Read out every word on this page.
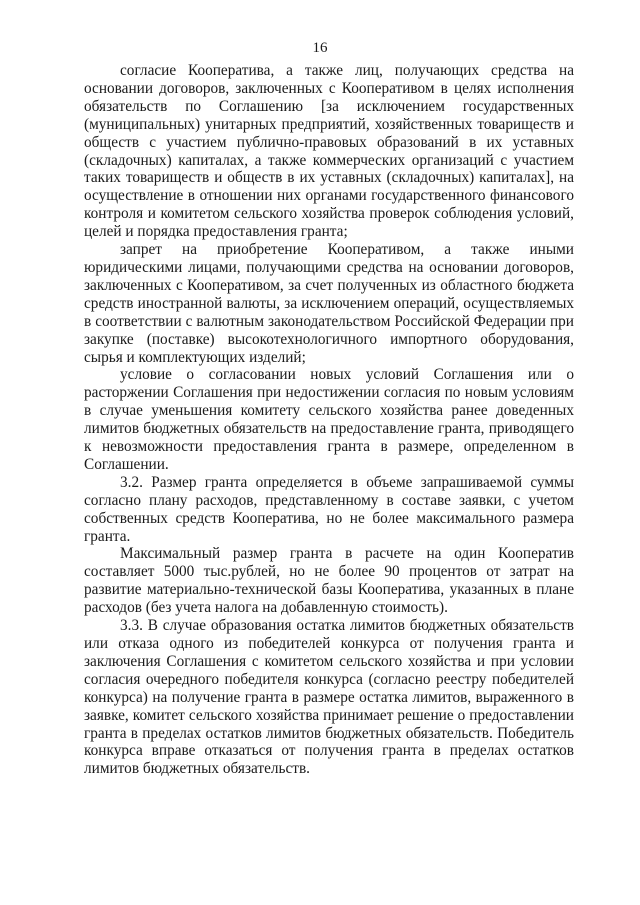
16

согласие Кооператива, а также лиц, получающих средства на основании договоров, заключенных с Кооперативом в целях исполнения обязательств по Соглашению [за исключением государственных (муниципальных) унитарных предприятий, хозяйственных товариществ и обществ с участием публично-правовых образований в их уставных (складочных) капиталах, а также коммерческих организаций с участием таких товариществ и обществ в их уставных (складочных) капиталах], на осуществление в отношении них органами государственного финансового контроля и комитетом сельского хозяйства проверок соблюдения условий, целей и порядка предоставления гранта;

запрет на приобретение Кооперативом, а также иными юридическими лицами, получающими средства на основании договоров, заключенных с Кооперативом, за счет полученных из областного бюджета средств иностранной валюты, за исключением операций, осуществляемых в соответствии с валютным законодательством Российской Федерации при закупке (поставке) высокотехнологичного импортного оборудования, сырья и комплектующих изделий;

условие о согласовании новых условий Соглашения или о расторжении Соглашения при недостижении согласия по новым условиям в случае уменьшения комитету сельского хозяйства ранее доведенных лимитов бюджетных обязательств на предоставление гранта, приводящего к невозможности предоставления гранта в размере, определенном в Соглашении.

3.2. Размер гранта определяется в объеме запрашиваемой суммы согласно плану расходов, представленному в составе заявки, с учетом собственных средств Кооператива, но не более максимального размера гранта.

Максимальный размер гранта в расчете на один Кооператив составляет 5000 тыс.рублей, но не более 90 процентов от затрат на развитие материально-технической базы Кооператива, указанных в плане расходов (без учета налога на добавленную стоимость).

3.3. В случае образования остатка лимитов бюджетных обязательств или отказа одного из победителей конкурса от получения гранта и заключения Соглашения с комитетом сельского хозяйства и при условии согласия очередного победителя конкурса (согласно реестру победителей конкурса) на получение гранта в размере остатка лимитов, выраженного в заявке, комитет сельского хозяйства принимает решение о предоставлении гранта в пределах остатков лимитов бюджетных обязательств. Победитель конкурса вправе отказаться от получения гранта в пределах остатков лимитов бюджетных обязательств.
